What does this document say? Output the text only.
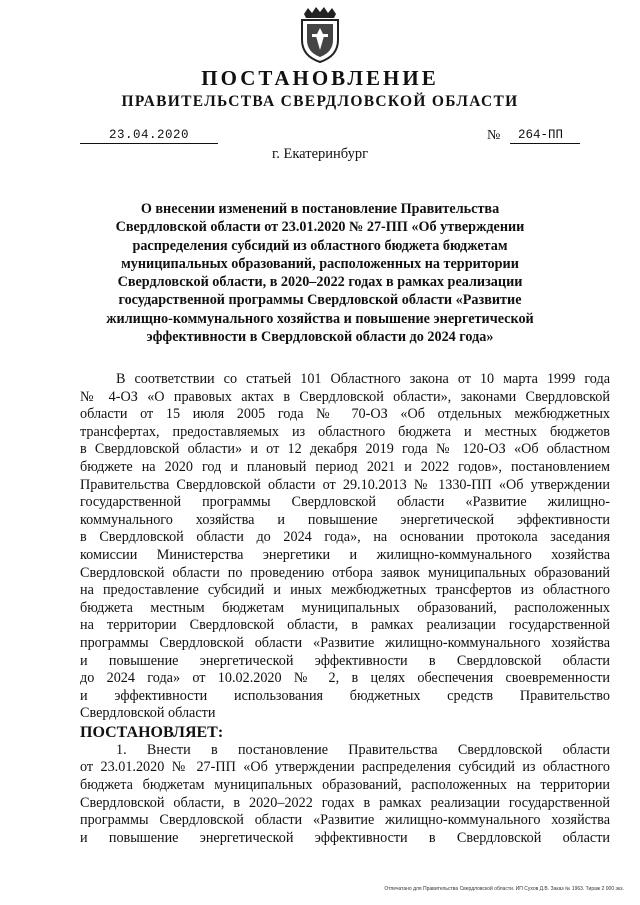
ПОСТАНОВЛЕНИЕ
ПРАВИТЕЛЬСТВА СВЕРДЛОВСКОЙ ОБЛАСТИ
23.04.2020	№	264-ПП
г. Екатеринбург
О внесении изменений в постановление Правительства
Свердловской области от 23.01.2020 № 27-ПП «Об утверждении
распределения субсидий из областного бюджета бюджетам
муниципальных образований, расположенных на территории
Свердловской области, в 2020–2022 годах в рамках реализации
государственной программы Свердловской области «Развитие
жилищно-коммунального хозяйства и повышение энергетической
эффективности в Свердловской области до 2024 года»
В соответствии со статьей 101 Областного закона от 10 марта 1999 года
№ 4-ОЗ «О правовых актах в Свердловской области», законами Свердловской
области от 15 июля 2005 года № 70-ОЗ «Об отдельных межбюджетных
трансфертах, предоставляемых из областного бюджета и местных бюджетов
в Свердловской области» и от 12 декабря 2019 года № 120-ОЗ «Об областном
бюджете на 2020 год и плановый период 2021 и 2022 годов», постановлением
Правительства Свердловской области от 29.10.2013 № 1330-ПП «Об утверждении
государственной программы Свердловской области «Развитие жилищно-
коммунального хозяйства и повышение энергетической эффективности
в Свердловской области до 2024 года», на основании протокола заседания
комиссии Министерства энергетики и жилищно-коммунального хозяйства
Свердловской области по проведению отбора заявок муниципальных образований
на предоставление субсидий и иных межбюджетных трансфертов из областного
бюджета местным бюджетам муниципальных образований, расположенных
на территории Свердловской области, в рамках реализации государственной
программы Свердловской области «Развитие жилищно-коммунального хозяйства
и повышение энергетической эффективности в Свердловской области
до 2024 года» от 10.02.2020 № 2, в целях обеспечения своевременности
и эффективности использования бюджетных средств Правительство
Свердловской области
ПОСТАНОВЛЯЕТ:
1. Внести в постановление Правительства Свердловской области
от 23.01.2020 № 27-ПП «Об утверждении распределения субсидий из областного
бюджета бюджетам муниципальных образований, расположенных на территории
Свердловской области, в 2020–2022 годах в рамках реализации государственной
программы Свердловской области «Развитие жилищно-коммунального хозяйства
и повышение энергетической эффективности в Свердловской области
Отпечатано для Правительства Свердловской области. ИП Сухов Д.В. Заказ № 1963. Тираж 2 000 экз.
